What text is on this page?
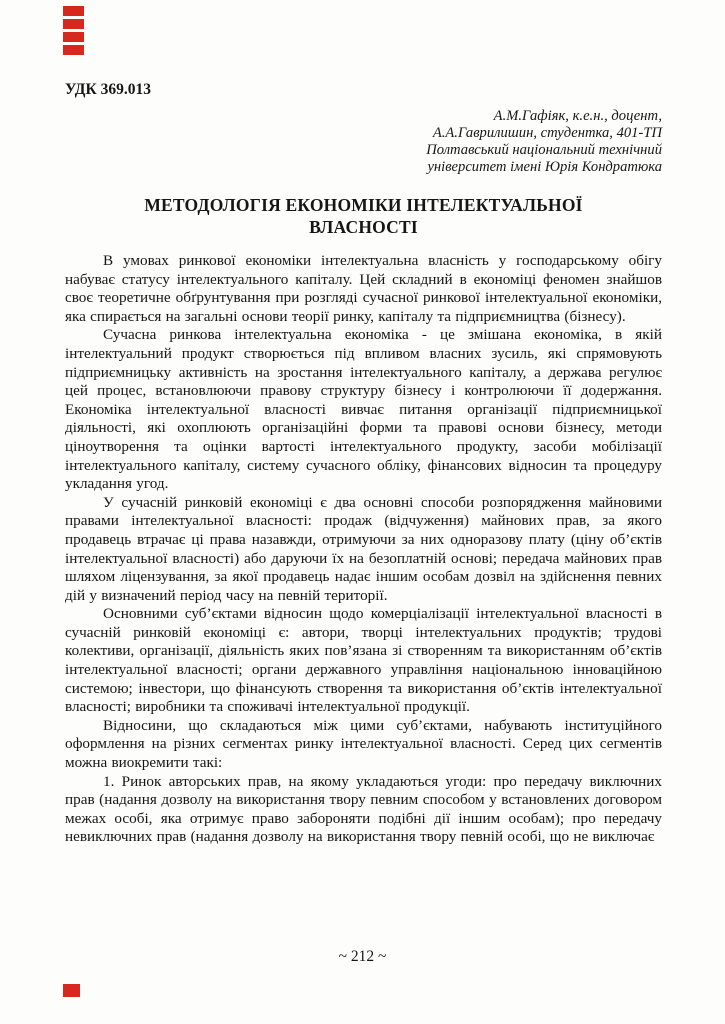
УДК 369.013
А.М.Гафіяк, к.е.н., доцент,
А.А.Гаврилишин, студентка, 401-ТП
Полтавський національний технічний
університет імені Юрія Кондратюка
МЕТОДОЛОГІЯ ЕКОНОМІКИ ІНТЕЛЕКТУАЛЬНОЇ ВЛАСНОСТІ

В умовах ринкової економіки інтелектуальна власність у господарському обігу набуває статусу інтелектуального капіталу. Цей складний в економіці феномен знайшов своє теоретичне обґрунтування при розгляді сучасної ринкової інтелектуальної економіки, яка спирається на загальні основи теорії ринку, капіталу та підприємництва (бізнесу).

Сучасна ринкова інтелектуальна економіка - це змішана економіка, в якій інтелектуальний продукт створюється під впливом власних зусиль, які спрямовують підприємницьку активність на зростання інтелектуального капіталу, а держава регулює цей процес, встановлюючи правову структуру бізнесу і контролюючи її додержання. Економіка інтелектуальної власності вивчає питання організації підприємницької діяльності, які охоплюють організаційні форми та правові основи бізнесу, методи ціноутворення та оцінки вартості інтелектуального продукту, засоби мобілізації інтелектуального капіталу, систему сучасного обліку, фінансових відносин та процедуру укладання угод.

У сучасній ринковій економіці є два основні способи розпорядження майновими правами інтелектуальної власності: продаж (відчуження) майнових прав, за якого продавець втрачає ці права назавжди, отримуючи за них одноразову плату (ціну об’єктів інтелектуальної власності) або даруючи їх на безоплатній основі; передача майнових прав шляхом ліцензування, за якої продавець надає іншим особам дозвіл на здійснення певних дій у визначений період часу на певній території.

Основними суб’єктами відносин щодо комерціалізації інтелектуальної власності в сучасній ринковій економіці є: автори, творці інтелектуальних продуктів; трудові колективи, організації, діяльність яких пов’язана зі створенням та використанням об’єктів інтелектуальної власності; органи державного управління національною інноваційною системою; інвестори, що фінансують створення та використання об’єктів інтелектуальної власності; виробники та споживачі інтелектуальної продукції.

Відносини, що складаються між цими суб’єктами, набувають інституційного оформлення на різних сегментах ринку інтелектуальної власності. Серед цих сегментів можна виокремити такі:

1. Ринок авторських прав, на якому укладаються угоди: про передачу виключних прав (надання дозволу на використання твору певним способом у встановлених договором межах особі, яка отримує право забороняти подібні дії іншим особам); про передачу невиключних прав (надання дозволу на використання твору певній особі, що не виключає

~ 212 ~
